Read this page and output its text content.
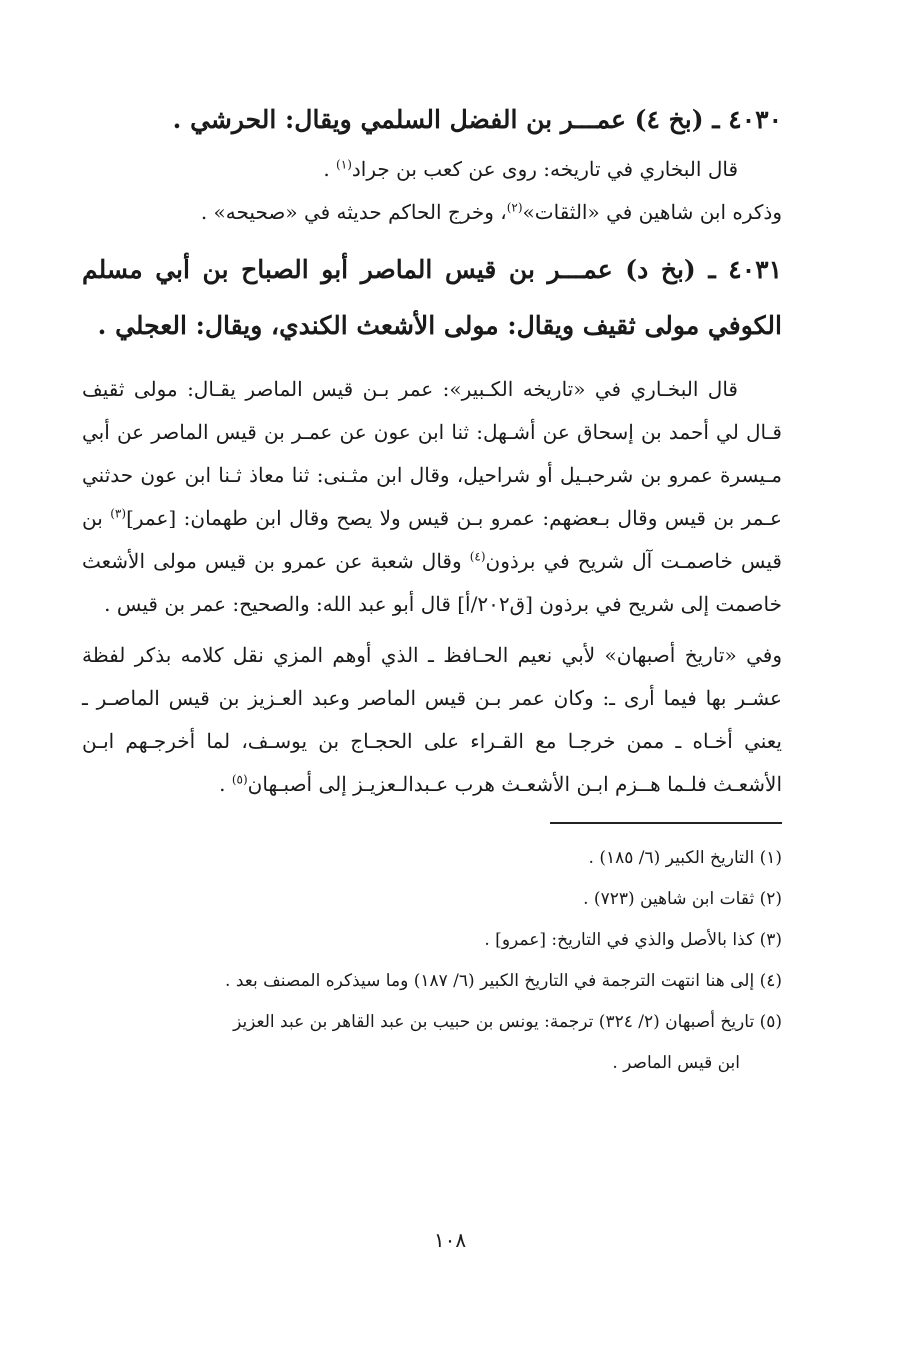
٤٠٣٠ ـ (بخ ٤) عمـــر بن الفضل السلمي ويقال: الحرشي .

قال البخاري في تاريخه: روى عن كعب بن جراد$^{(١)}$ .

وذكره ابن شاهين في «الثقات»$^{(٢)}$، وخرج الحاكم حديثه في «صحيحه» .

٤٠٣١ ـ (بخ د) عمـــر بن قيس الماصر أبو الصباح بن أبي مسلم الكوفي مولى ثقيف ويقال: مولى الأشعث الكندي، ويقال: العجلي .

قال البخـاري في «تاريخه الكـبير»: عمر بـن قيس الماصر يقـال: مولى ثقيف قـال لي أحمد بن إسحاق عن أشـهل: ثنا ابن عون عن عمـر بن قيس الماصر عن أبي مـيسرة عمرو بن شرحبـيل أو شراحيل، وقال ابن مثـنى: ثنا معاذ ثـنا ابن عون حدثني عـمر بن قيس وقال بـعضهم: عمرو بـن قيس ولا يصح وقال ابن طهمان: [عمر]$^{(٣)}$ بن قيس خاصمـت آل شريح في برذون$^{(٤)}$ وقال شعبة عن عمرو بن قيس مولى الأشعث خاصمت إلى شريح في برذون [ق٢٠٢/أ] قال أبو عبد الله: والصحيح: عمر بن قيس .

وفي «تاريخ أصبهان» لأبي نعيم الحـافظ ـ الذي أوهم المزي نقل كلامه بذكر لفظة عشـر بها فيما أرى ـ: وكان عمر بـن قيس الماصر وعبد العـزيز بن قيس الماصـر ـ يعني أخـاه ـ ممن خرجـا مع القـراء على الحجـاج بن يوسـف، لما أخرجـهم ابـن الأشعـث فلـما هــزم ابـن الأشعـث هرب عـبدالـعزيـز إلى أصبـهان$^{(٥)}$ .

(١) التاريخ الكبير (٦/ ١٨٥) .

(٢) ثقات ابن شاهين (٧٢٣) .

(٣) كذا بالأصل والذي في التاريخ: [عمرو] .

(٤) إلى هنا انتهت الترجمة في التاريخ الكبير (٦/ ١٨٧) وما سيذكره المصنف بعد .

(٥) تاريخ أصبهان (٢/ ٣٢٤) ترجمة: يونس بن حبيب بن عبد القاهر بن عبد العزيز

ابن قيس الماصر .

١٠٨
